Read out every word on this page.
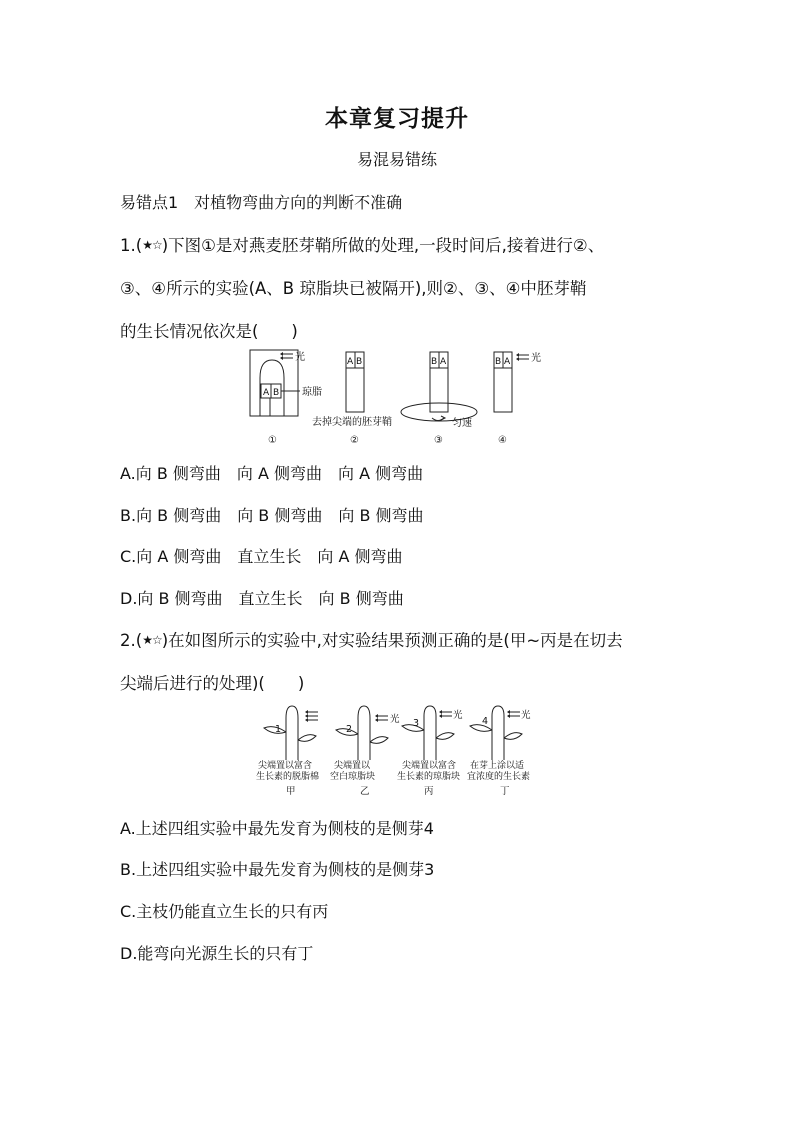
本章复习提升
易混易错练
易错点1　对植物弯曲方向的判断不准确
1.(★☆)下图①是对燕麦胚芽鞘所做的处理,一段时间后,接着进行②、
③、④所示的实验(A、B 琼脂块已被隔开),则②、③、④中胚芽鞘
的生长情况依次是(　　)
光
琼脂
A B
A B	B A	B A 光
去掉尖端的胚芽鞘	匀速
①	②	③	④
A.向 B 侧弯曲　向 A 侧弯曲　向 A 侧弯曲
B.向 B 侧弯曲　向 B 侧弯曲　向 B 侧弯曲
C.向 A 侧弯曲　直立生长　向 A 侧弯曲
D.向 B 侧弯曲　直立生长　向 B 侧弯曲
2.(★☆)在如图所示的实验中,对实验结果预测正确的是(甲~丙是在切去
尖端后进行的处理)(　　)
1	2
3	4
光	光	光
尖端置以富含
生长素的脱脂棉
尖端置以
空白琼脂块
尖端置以富含
生长素的琼脂块
在芽上涂以适
宜浓度的生长素
甲	乙	丙	丁
A.上述四组实验中最先发育为侧枝的是侧芽4
B.上述四组实验中最先发育为侧枝的是侧芽3
C.主枝仍能直立生长的只有丙
D.能弯向光源生长的只有丁
